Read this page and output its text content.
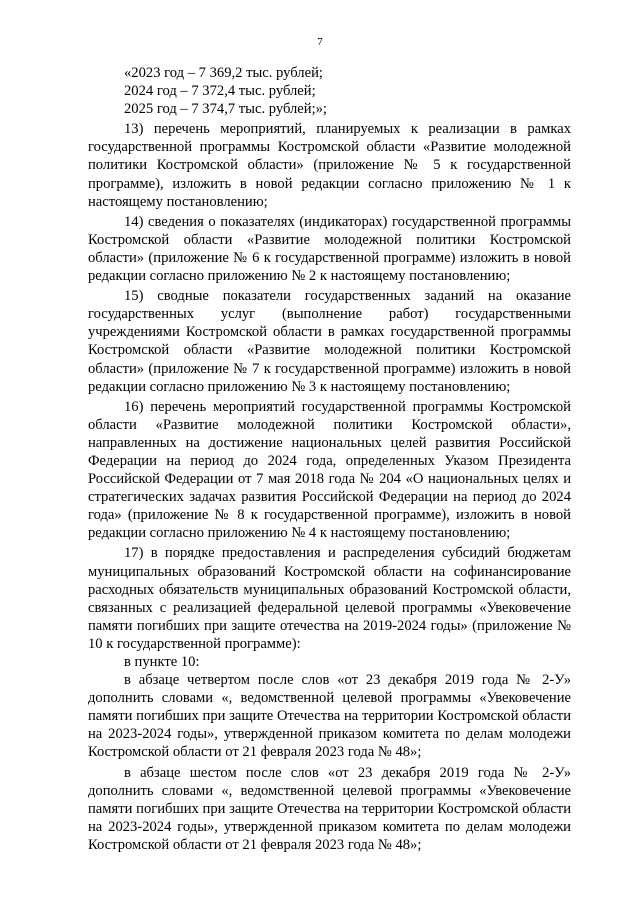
7

«2023 год – 7 369,2 тыс. рублей;

2024 год – 7 372,4 тыс. рублей;

2025 год – 7 374,7 тыс. рублей;»;

13) перечень мероприятий, планируемых к реализации в рамках государственной программы Костромской области «Развитие молодежной политики Костромской области» (приложение № 5 к государственной программе), изложить в новой редакции согласно приложению № 1 к настоящему постановлению;

14) сведения о показателях (индикаторах) государственной программы Костромской области «Развитие молодежной политики Костромской области» (приложение № 6 к государственной программе) изложить в новой редакции согласно приложению № 2 к настоящему постановлению;

15) сводные показатели государственных заданий на оказание государственных услуг (выполнение работ) государственными учреждениями Костромской области в рамках государственной программы Костромской области «Развитие молодежной политики Костромской области» (приложение № 7 к государственной программе) изложить в новой редакции согласно приложению № 3 к настоящему постановлению;

16) перечень мероприятий государственной программы Костромской области «Развитие молодежной политики Костромской области», направленных на достижение национальных целей развития Российской Федерации на период до 2024 года, определенных Указом Президента Российской Федерации от 7 мая 2018 года № 204 «О национальных целях и стратегических задачах развития Российской Федерации на период до 2024 года» (приложение № 8 к государственной программе), изложить в новой редакции согласно приложению № 4 к настоящему постановлению;

17) в порядке предоставления и распределения субсидий бюджетам муниципальных образований Костромской области на софинансирование расходных обязательств муниципальных образований Костромской области, связанных с реализацией федеральной целевой программы «Увековечение памяти погибших при защите отечества на 2019-2024 годы» (приложение № 10 к государственной программе):

в пункте 10:

в абзаце четвертом после слов «от 23 декабря 2019 года № 2-У» дополнить словами «, ведомственной целевой программы «Увековечение памяти погибших при защите Отечества на территории Костромской области на 2023-2024 годы», утвержденной приказом комитета по делам молодежи Костромской области от 21 февраля 2023 года № 48»;

в абзаце шестом после слов «от 23 декабря 2019 года № 2-У» дополнить словами «, ведомственной целевой программы «Увековечение памяти погибших при защите Отечества на территории Костромской области на 2023-2024 годы», утвержденной приказом комитета по делам молодежи Костромской области от 21 февраля 2023 года № 48»;
